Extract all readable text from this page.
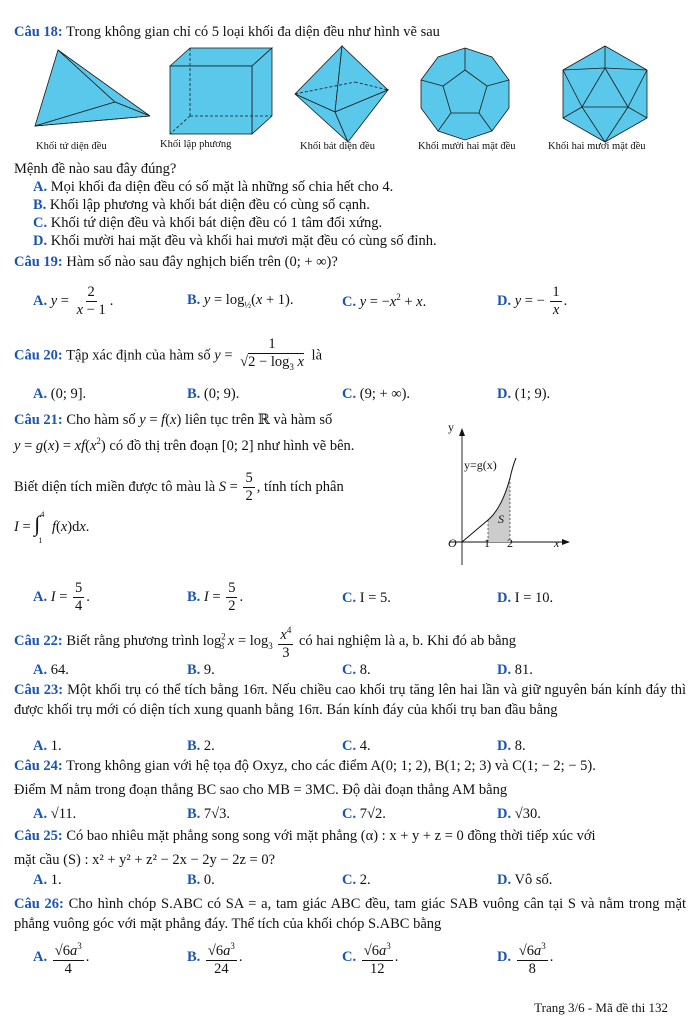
Câu 18: Trong không gian chỉ có 5 loại khối đa diện đều như hình vẽ sau
Khối tứ diện đều	Khối lập phương	Khối bát diện đều	Khối mười hai mặt đều	Khối hai mươi mặt đều
Mệnh đề nào sau đây đúng?
A. Mọi khối đa diện đều có số mặt là những số chia hết cho 4.
B. Khối lập phương và khối bát diện đều có cùng số cạnh.
C. Khối tứ diện đều và khối bát diện đều có 1 tâm đối xứng.
D. Khối mười hai mặt đều và khối hai mươi mặt đều có cùng số đỉnh.
Câu 19: Hàm số nào sau đây nghịch biến trên (0; + ∞)?
A. $y = \frac{2}{x - 1}$ .	B. $y = \log_{\frac{1}{2}}(x + 1)$.	C. $y = -x^2 + x$.	D. y = − $\frac{1}{x}$ .
Câu 20: Tập xác định của hàm số $y = \frac{1}{√2 - \log_3 x}$ là
A. (0; 9].	B. (0; 9).	C. (9; + ∞).	D. (1; 9).
Câu 21: Cho hàm số y = f(x) liên tục trên ℝ và hàm số
$y = g(x) = xf(x^2)$ có đồ thị trên đoạn [0; 2] như hình vẽ bên.
Biết diện tích miền được tô màu là $S = \frac{5}{2}$ , tính tích phân
I = ∫$^4_1$ f(x)dx.
y
x
O 1 2
y=g(x)
S
A. $I = \frac{5}{4}$ .	B. $I = \frac{5}{2}$ .	C. I = 5.	D. I = 10.
Câu 22: Biết rằng phương trình $\log^2_3 x = \log_3 \frac{x^4}{3}$ có hai nghiệm là a, b. Khi đó ab bằng
A. 64.	B. 9.	C. 8.	D. 81.
Câu 23: Một khối trụ có thể tích bằng 16π. Nếu chiều cao khối trụ tăng lên hai lần và giữ nguyên bán kính đáy thì được khối trụ mới có diện tích xung quanh bằng 16π. Bán kính đáy của khối trụ ban đầu bằng
A. 1.	B. 2.	C. 4.	D. 8.
Câu 24: Trong không gian với hệ tọa độ Oxyz, cho các điểm A(0; 1; 2), B(1; 2; 3) và C(1; − 2; − 5).
Điểm M nằm trong đoạn thẳng BC sao cho MB = 3MC. Độ dài đoạn thẳng AM bằng
A. √11.	B. 7√3.	C. 7√2.	D. √30.
Câu 25: Có bao nhiêu mặt phẳng song song với mặt phẳng (α) : x + y + z = 0 đồng thời tiếp xúc với
mặt cầu (S) : x² + y² + z² − 2x − 2y − 2z = 0?
A. 1.	B. 0.	C. 2.	D. Vô số.
Câu 26: Cho hình chóp S.ABC có SA = a, tam giác ABC đều, tam giác SAB vuông cân tại S và nằm trong mặt phẳng vuông góc với mặt phẳng đáy. Thể tích của khối chóp S.ABC bằng
A. $\frac{√6a^3}{4}$ .	B. $\frac{√6a^3}{24}$ .	C. $\frac{√6a^3}{12}$ .	D. $\frac{√6a^3}{8}$ .
Trang 3/6 - Mã đề thi 132
